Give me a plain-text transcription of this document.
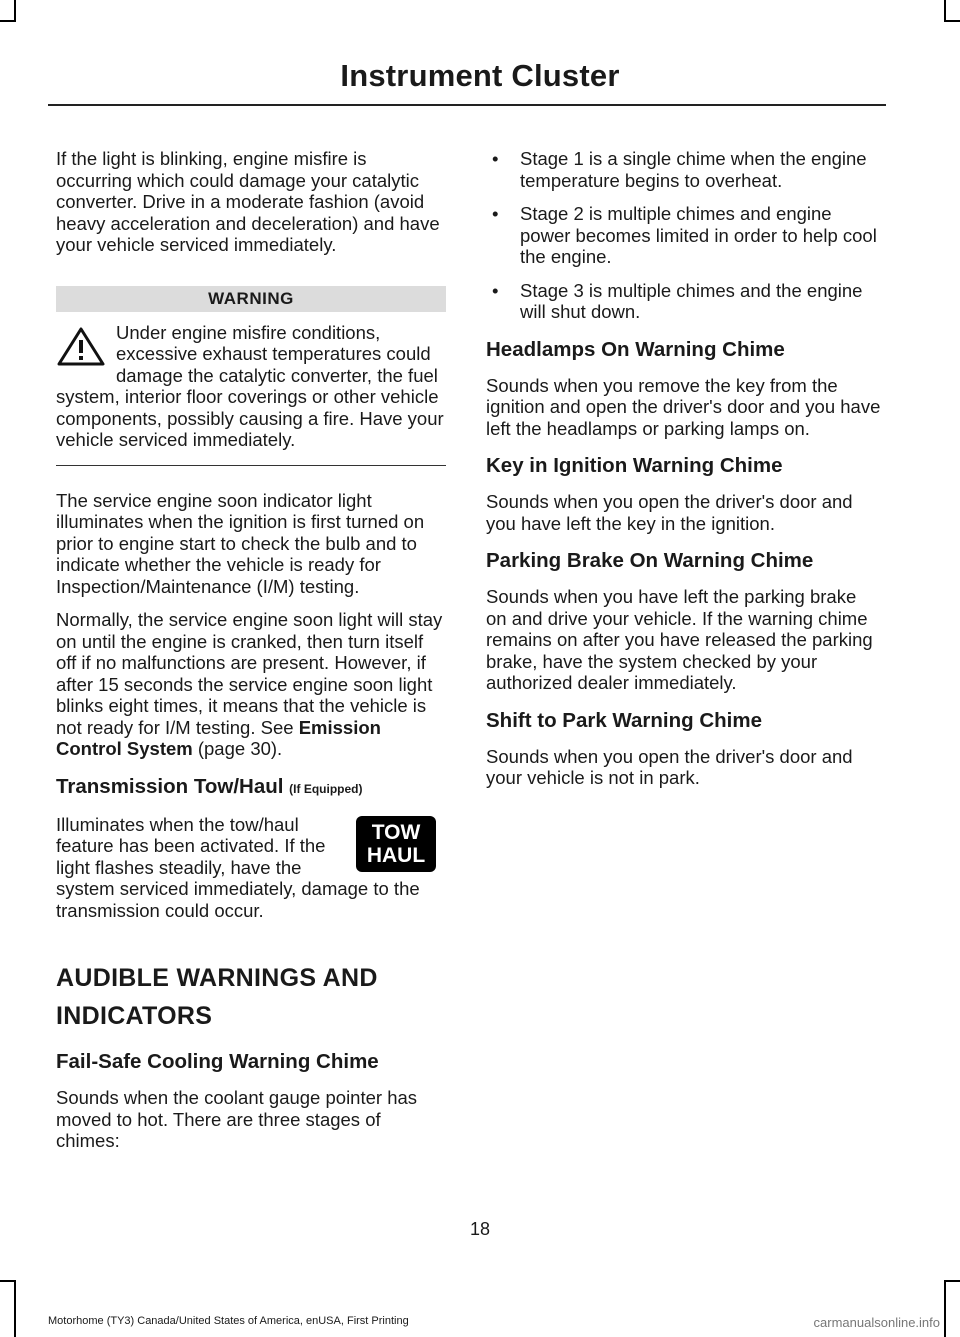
Instrument Cluster

If the light is blinking, engine misfire is occurring which could damage your catalytic converter. Drive in a moderate fashion (avoid heavy acceleration and deceleration) and have your vehicle serviced immediately.

WARNING
Under engine misfire conditions, excessive exhaust temperatures could damage the catalytic converter, the fuel system, interior floor coverings or other vehicle components, possibly causing a fire. Have your vehicle serviced immediately.

The service engine soon indicator light illuminates when the ignition is first turned on prior to engine start to check the bulb and to indicate whether the vehicle is ready for Inspection/Maintenance (I/M) testing.

Normally, the service engine soon light will stay on until the engine is cranked, then turn itself off if no malfunctions are present. However, if after 15 seconds the service engine soon light blinks eight times, it means that the vehicle is not ready for I/M testing. See Emission Control System (page 30).

Transmission Tow/Haul (If Equipped)

TOW
HAUL
Illuminates when the tow/haul feature has been activated. If the light flashes steadily, have the system serviced immediately, damage to the transmission could occur.

AUDIBLE WARNINGS AND INDICATORS
Fail-Safe Cooling Warning Chime

Sounds when the coolant gauge pointer has moved to hot. There are three stages of chimes:

• Stage 1 is a single chime when the engine temperature begins to overheat.
• Stage 2 is multiple chimes and engine power becomes limited in order to help cool the engine.
• Stage 3 is multiple chimes and the engine will shut down.
Headlamps On Warning Chime

Sounds when you remove the key from the ignition and open the driver's door and you have left the headlamps or parking lamps on.

Key in Ignition Warning Chime

Sounds when you open the driver's door and you have left the key in the ignition.

Parking Brake On Warning Chime

Sounds when you have left the parking brake on and drive your vehicle. If the warning chime remains on after you have released the parking brake, have the system checked by your authorized dealer immediately.

Shift to Park Warning Chime

Sounds when you open the driver's door and your vehicle is not in park.

18
Motorhome (TY3) Canada/United States of America, enUSA, First Printing	carmanualsonline.info
